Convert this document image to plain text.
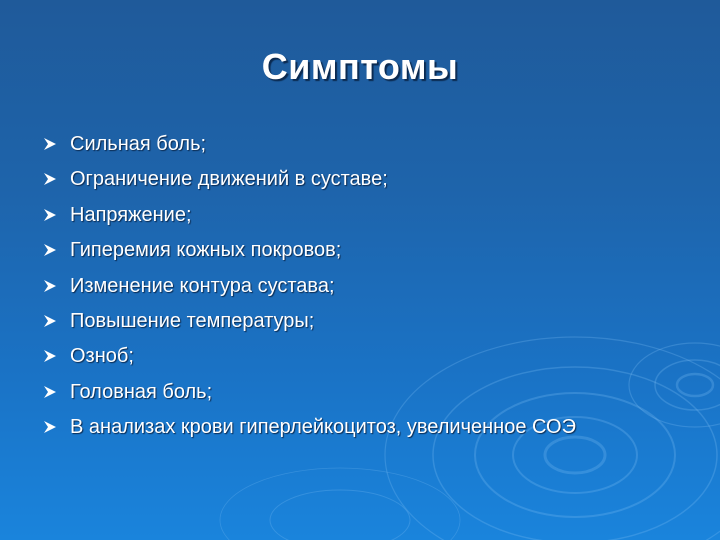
Симптомы
Сильная боль;
Ограничение движений в суставе;
Напряжение;
Гиперемия кожных покровов;
Изменение контура сустава;
Повышение температуры;
Озноб;
Головная боль;
В анализах крови гиперлейкоцитоз, увеличенное СОЭ
